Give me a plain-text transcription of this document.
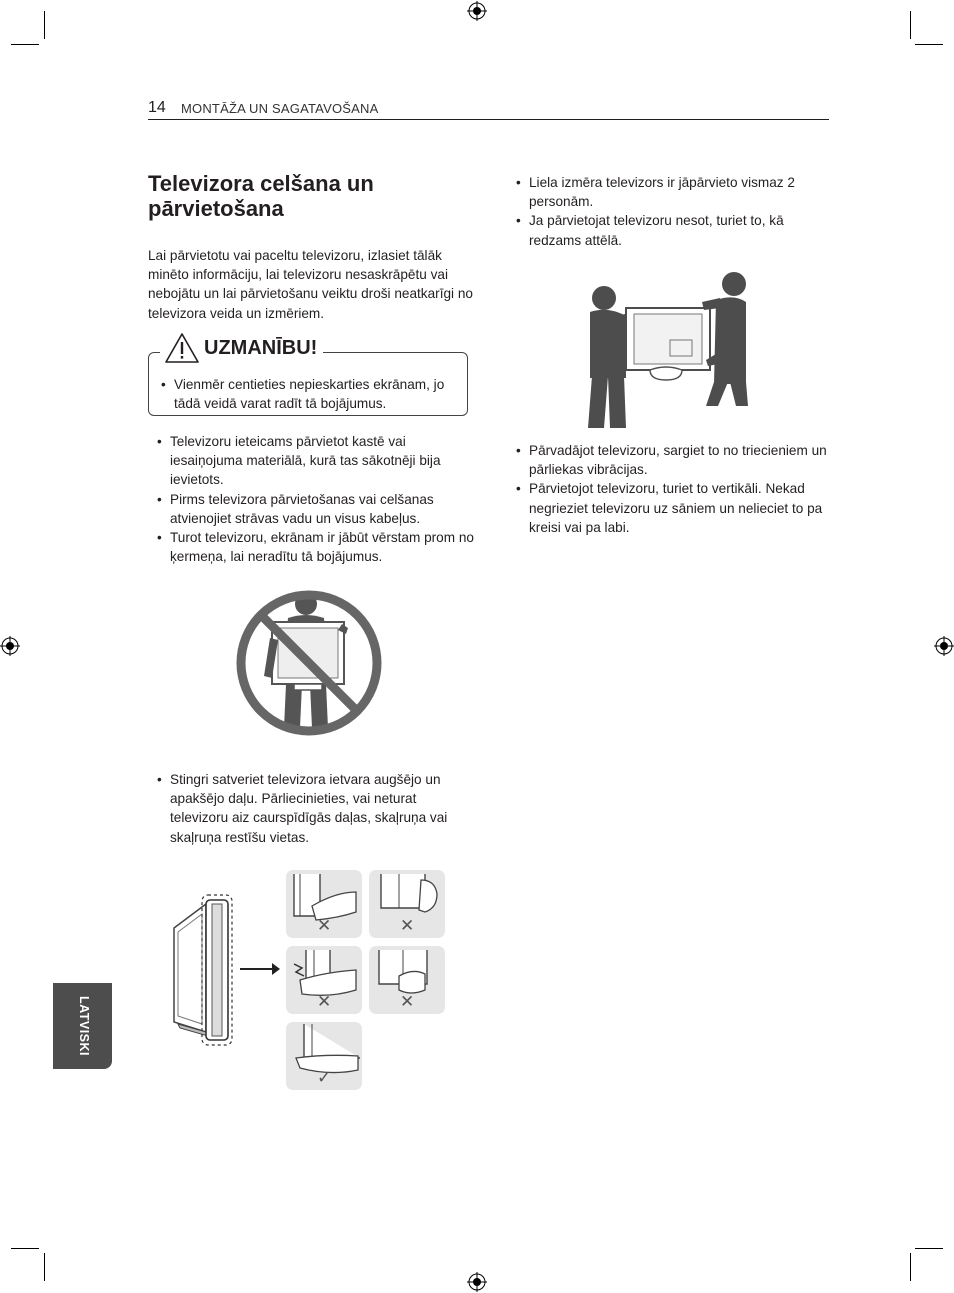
14 MONTĀŽA UN SAGATAVOŠANA
Televizora celšana un pārvietošana

Lai pārvietotu vai paceltu televizoru, izlasiet tālāk minēto informāciju, lai televizoru nesaskrāpētu vai nebojātu un lai pārvietošanu veiktu droši neatkarīgi no televizora veida un izmēriem.

UZMANĪBU!
• Vienmēr centieties nepieskarties ekrānam, jo tādā veidā varat radīt tā bojājumus.
• Televizoru ieteicams pārvietot kastē vai iesaiņojuma materiālā, kurā tas sākotnēji bija ievietots.
• Pirms televizora pārvietošanas vai celšanas atvienojiet strāvas vadu un visus kabeļus.
• Turot televizoru, ekrānam ir jābūt vērstam prom no ķermeņa, lai neradītu tā bojājumus.
• Stingri satveriet televizora ietvara augšējo un apakšējo daļu. Pārliecinieties, vai neturat televizoru aiz caurspīdīgās daļas, skaļruņa vai skaļruņa restīšu vietas.
✕	✕
✕	✕
✓
• Liela izmēra televizors ir jāpārvieto vismaz 2 personām.
• Ja pārvietojat televizoru nesot, turiet to, kā redzams attēlā.
• Pārvadājot televizoru, sargiet to no triecieniem un pārliekas vibrācijas.
• Pārvietojot televizoru, turiet to vertikāli. Nekad negrieziet televizoru uz sāniem un nelieciet to pa kreisi vai pa labi.
LATVISKI
